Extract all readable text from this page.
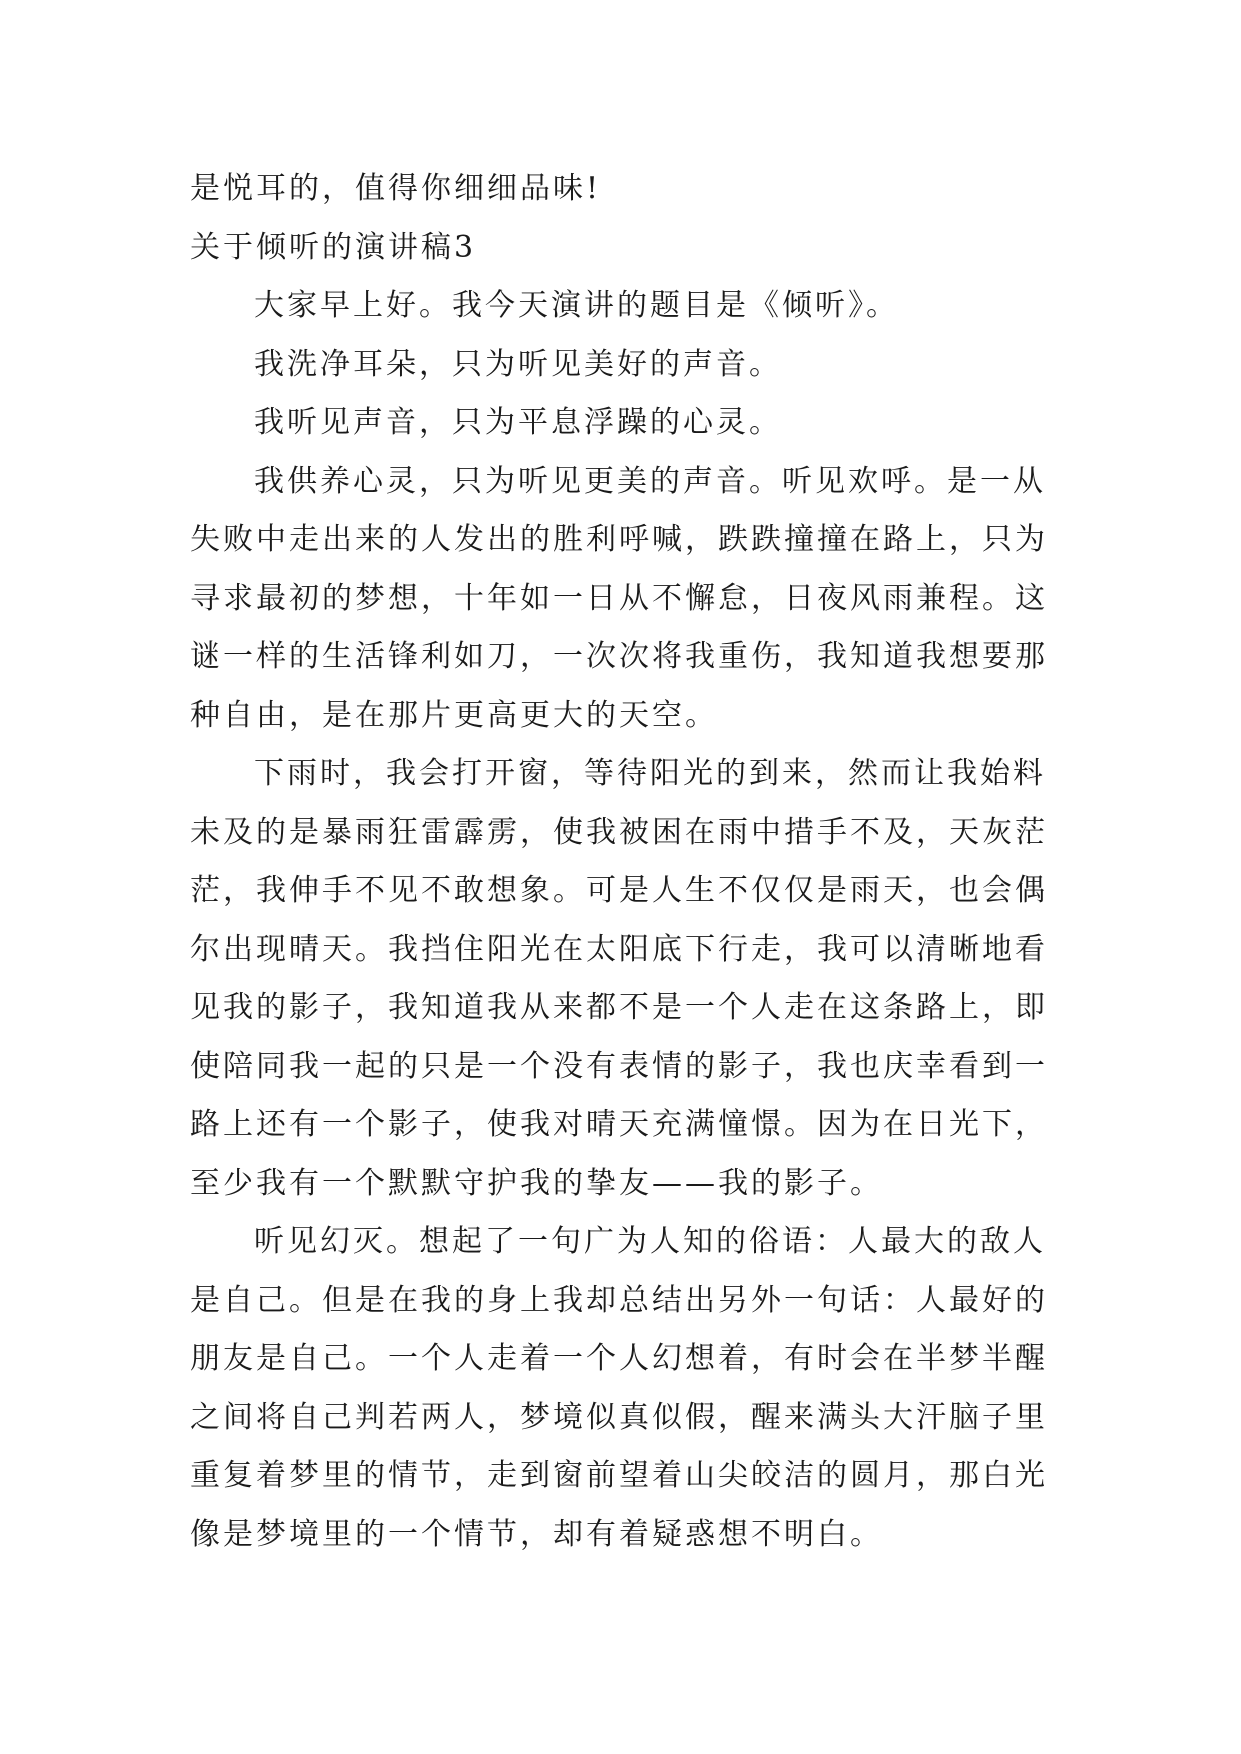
是悦耳的，值得你细细品味!
关于倾听的演讲稿3
大家早上好。我今天演讲的题目是《倾听》。
我洗净耳朵，只为听见美好的声音。
我听见声音，只为平息浮躁的心灵。
我供养心灵，只为听见更美的声音。听见欢呼。是一从
失败中走出来的人发出的胜利呼喊，跌跌撞撞在路上，只为
寻求最初的梦想，十年如一日从不懈怠，日夜风雨兼程。这
谜一样的生活锋利如刀，一次次将我重伤，我知道我想要那
种自由，是在那片更高更大的天空。
下雨时，我会打开窗，等待阳光的到来，然而让我始料
未及的是暴雨狂雷霹雳，使我被困在雨中措手不及，天灰茫
茫，我伸手不见不敢想象。可是人生不仅仅是雨天，也会偶
尔出现晴天。我挡住阳光在太阳底下行走，我可以清晰地看
见我的影子，我知道我从来都不是一个人走在这条路上，即
使陪同我一起的只是一个没有表情的影子，我也庆幸看到一
路上还有一个影子，使我对晴天充满憧憬。因为在日光下，
至少我有一个默默守护我的挚友——我的影子。
听见幻灭。想起了一句广为人知的俗语：人最大的敌人
是自己。但是在我的身上我却总结出另外一句话：人最好的
朋友是自己。一个人走着一个人幻想着，有时会在半梦半醒
之间将自己判若两人，梦境似真似假，醒来满头大汗脑子里
重复着梦里的情节，走到窗前望着山尖皎洁的圆月，那白光
像是梦境里的一个情节，却有着疑惑想不明白。
